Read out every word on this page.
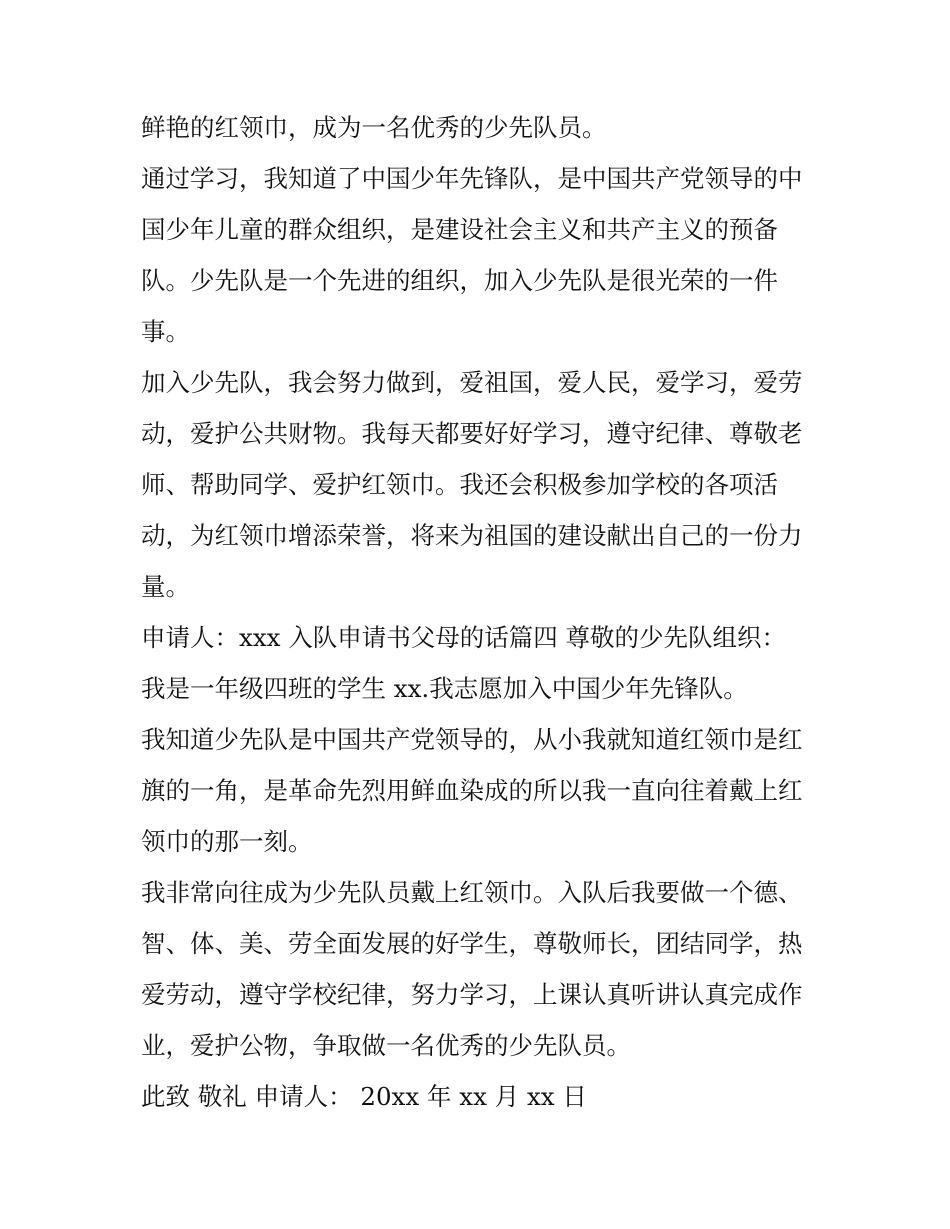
鲜艳的红领巾，成为一名优秀的少先队员。

通过学习，我知道了中国少年先锋队，是中国共产党领导的中

国少年儿童的群众组织，是建设社会主义和共产主义的预备

队。少先队是一个先进的组织，加入少先队是很光荣的一件

事。

加入少先队，我会努力做到，爱祖国，爱人民，爱学习，爱劳

动，爱护公共财物。我每天都要好好学习，遵守纪律、尊敬老

师、帮助同学、爱护红领巾。我还会积极参加学校的各项活

动，为红领巾增添荣誉，将来为祖国的建设献出自己的一份力

量。

申请人：xxx 入队申请书父母的话篇四 尊敬的少先队组织：

我是一年级四班的学生 xx.我志愿加入中国少年先锋队。

我知道少先队是中国共产党领导的，从小我就知道红领巾是红

旗的一角，是革命先烈用鲜血染成的所以我一直向往着戴上红

领巾的那一刻。

我非常向往成为少先队员戴上红领巾。入队后我要做一个德、

智、体、美、劳全面发展的好学生，尊敬师长，团结同学，热

爱劳动，遵守学校纪律，努力学习，上课认真听讲认真完成作

业，爱护公物，争取做一名优秀的少先队员。

此致 敬礼 申请人： 20xx 年 xx 月 xx 日
